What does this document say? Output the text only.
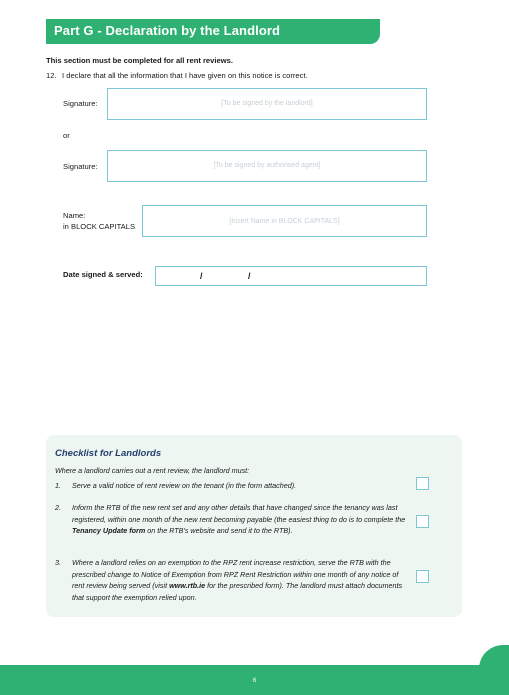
Part G - Declaration by the Landlord
This section must be completed for all rent reviews.
12. I declare that all the information that I have given on this notice is correct.
Signature:	[To be signed by the landlord]
or
Signature:	[To be signed by authorised agent]
Name:
in BLOCK CAPITALS
[Insert Name in BLOCK CAPITALS]
Date signed & served:	/	/
Checklist for Landlords
Where a landlord carries out a rent review, the landlord must:
1. Serve a valid notice of rent review on the tenant (in the form attached).
2. Inform the RTB of the new rent set and any other details that have changed since the tenancy was last registered, within one month of the new rent becoming payable (the easiest thing to do is to complete the Tenancy Update form on the RTB's website and send it to the RTB).
3. Where a landlord relies on an exemption to the RPZ rent increase restriction, serve the RTB with the prescribed change to Notice of Exemption from RPZ Rent Restriction within one month of any notice of rent review being served (visit www.rtb.ie for the prescribed form). The landlord must attach documents that support the exemption relied upon.
6
